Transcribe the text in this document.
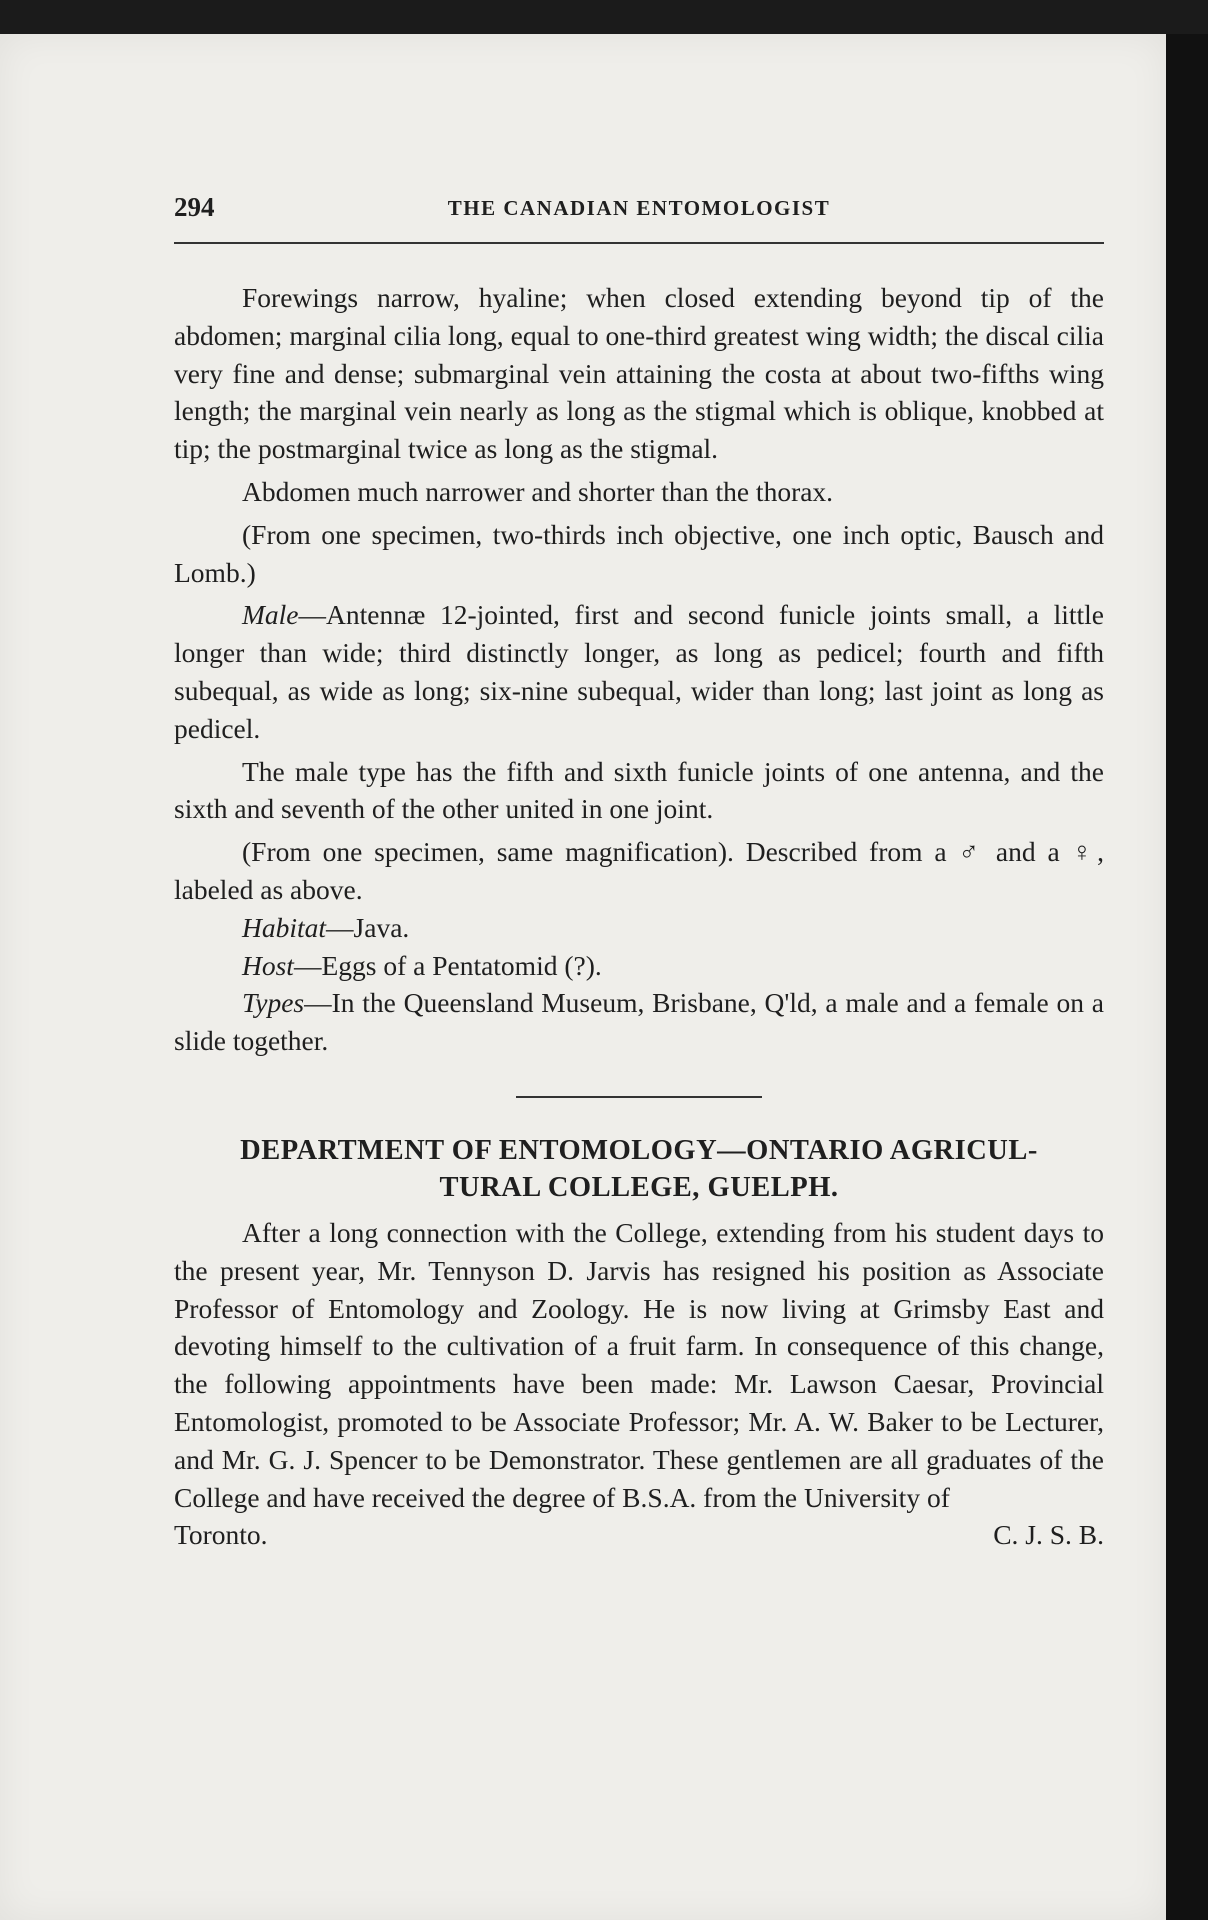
294	THE CANADIAN ENTOMOLOGIST

Forewings narrow, hyaline; when closed extending beyond tip of the abdomen; marginal cilia long, equal to one-third greatest wing width; the discal cilia very fine and dense; submarginal vein attaining the costa at about two-fifths wing length; the marginal vein nearly as long as the stigmal which is oblique, knobbed at tip; the postmarginal twice as long as the stigmal.

Abdomen much narrower and shorter than the thorax.

(From one specimen, two-thirds inch objective, one inch optic, Bausch and Lomb.)

Male—Antennæ 12-jointed, first and second funicle joints small, a little longer than wide; third distinctly longer, as long as pedicel; fourth and fifth subequal, as wide as long; six-nine subequal, wider than long; last joint as long as pedicel.

The male type has the fifth and sixth funicle joints of one antenna, and the sixth and seventh of the other united in one joint.

(From one specimen, same magnification). Described from a ♂ and a ♀, labeled as above.

Habitat—Java.

Host—Eggs of a Pentatomid (?).

Types—In the Queensland Museum, Brisbane, Q'ld, a male and a female on a slide together.

DEPARTMENT OF ENTOMOLOGY—ONTARIO AGRICUL-
TURAL COLLEGE, GUELPH.

After a long connection with the College, extending from his student days to the present year, Mr. Tennyson D. Jarvis has resigned his position as Associate Professor of Entomology and Zoology. He is now living at Grimsby East and devoting himself to the cultivation of a fruit farm. In consequence of this change, the following appointments have been made: Mr. Lawson Caesar, Provincial Entomologist, promoted to be Associate Professor; Mr. A. W. Baker to be Lecturer, and Mr. G. J. Spencer to be Demonstrator. These gentlemen are all graduates of the College and have received the degree of B.S.A. from the University of

Toronto.	C. J. S. B.
